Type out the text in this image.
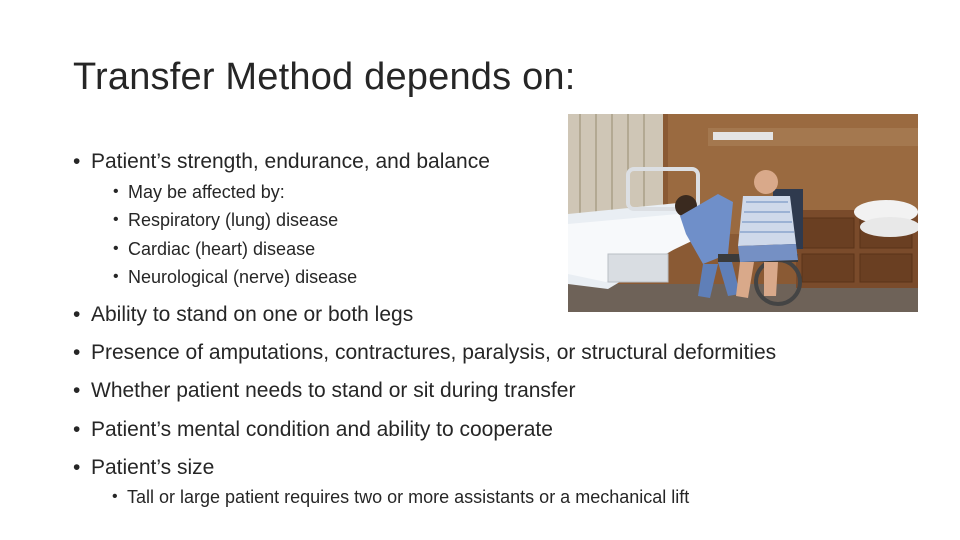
Transfer Method depends on:
• Patient’s strength, endurance, and balance
• May be affected by:
• Respiratory (lung) disease
• Cardiac (heart) disease
• Neurological (nerve) disease
• Ability to stand on one or both legs
• Presence of amputations, contractures, paralysis, or structural deformities
• Whether patient needs to stand or sit during transfer
• Patient’s mental condition and ability to cooperate
• Patient’s size
• Tall or large patient requires two or more assistants or a mechanical lift
